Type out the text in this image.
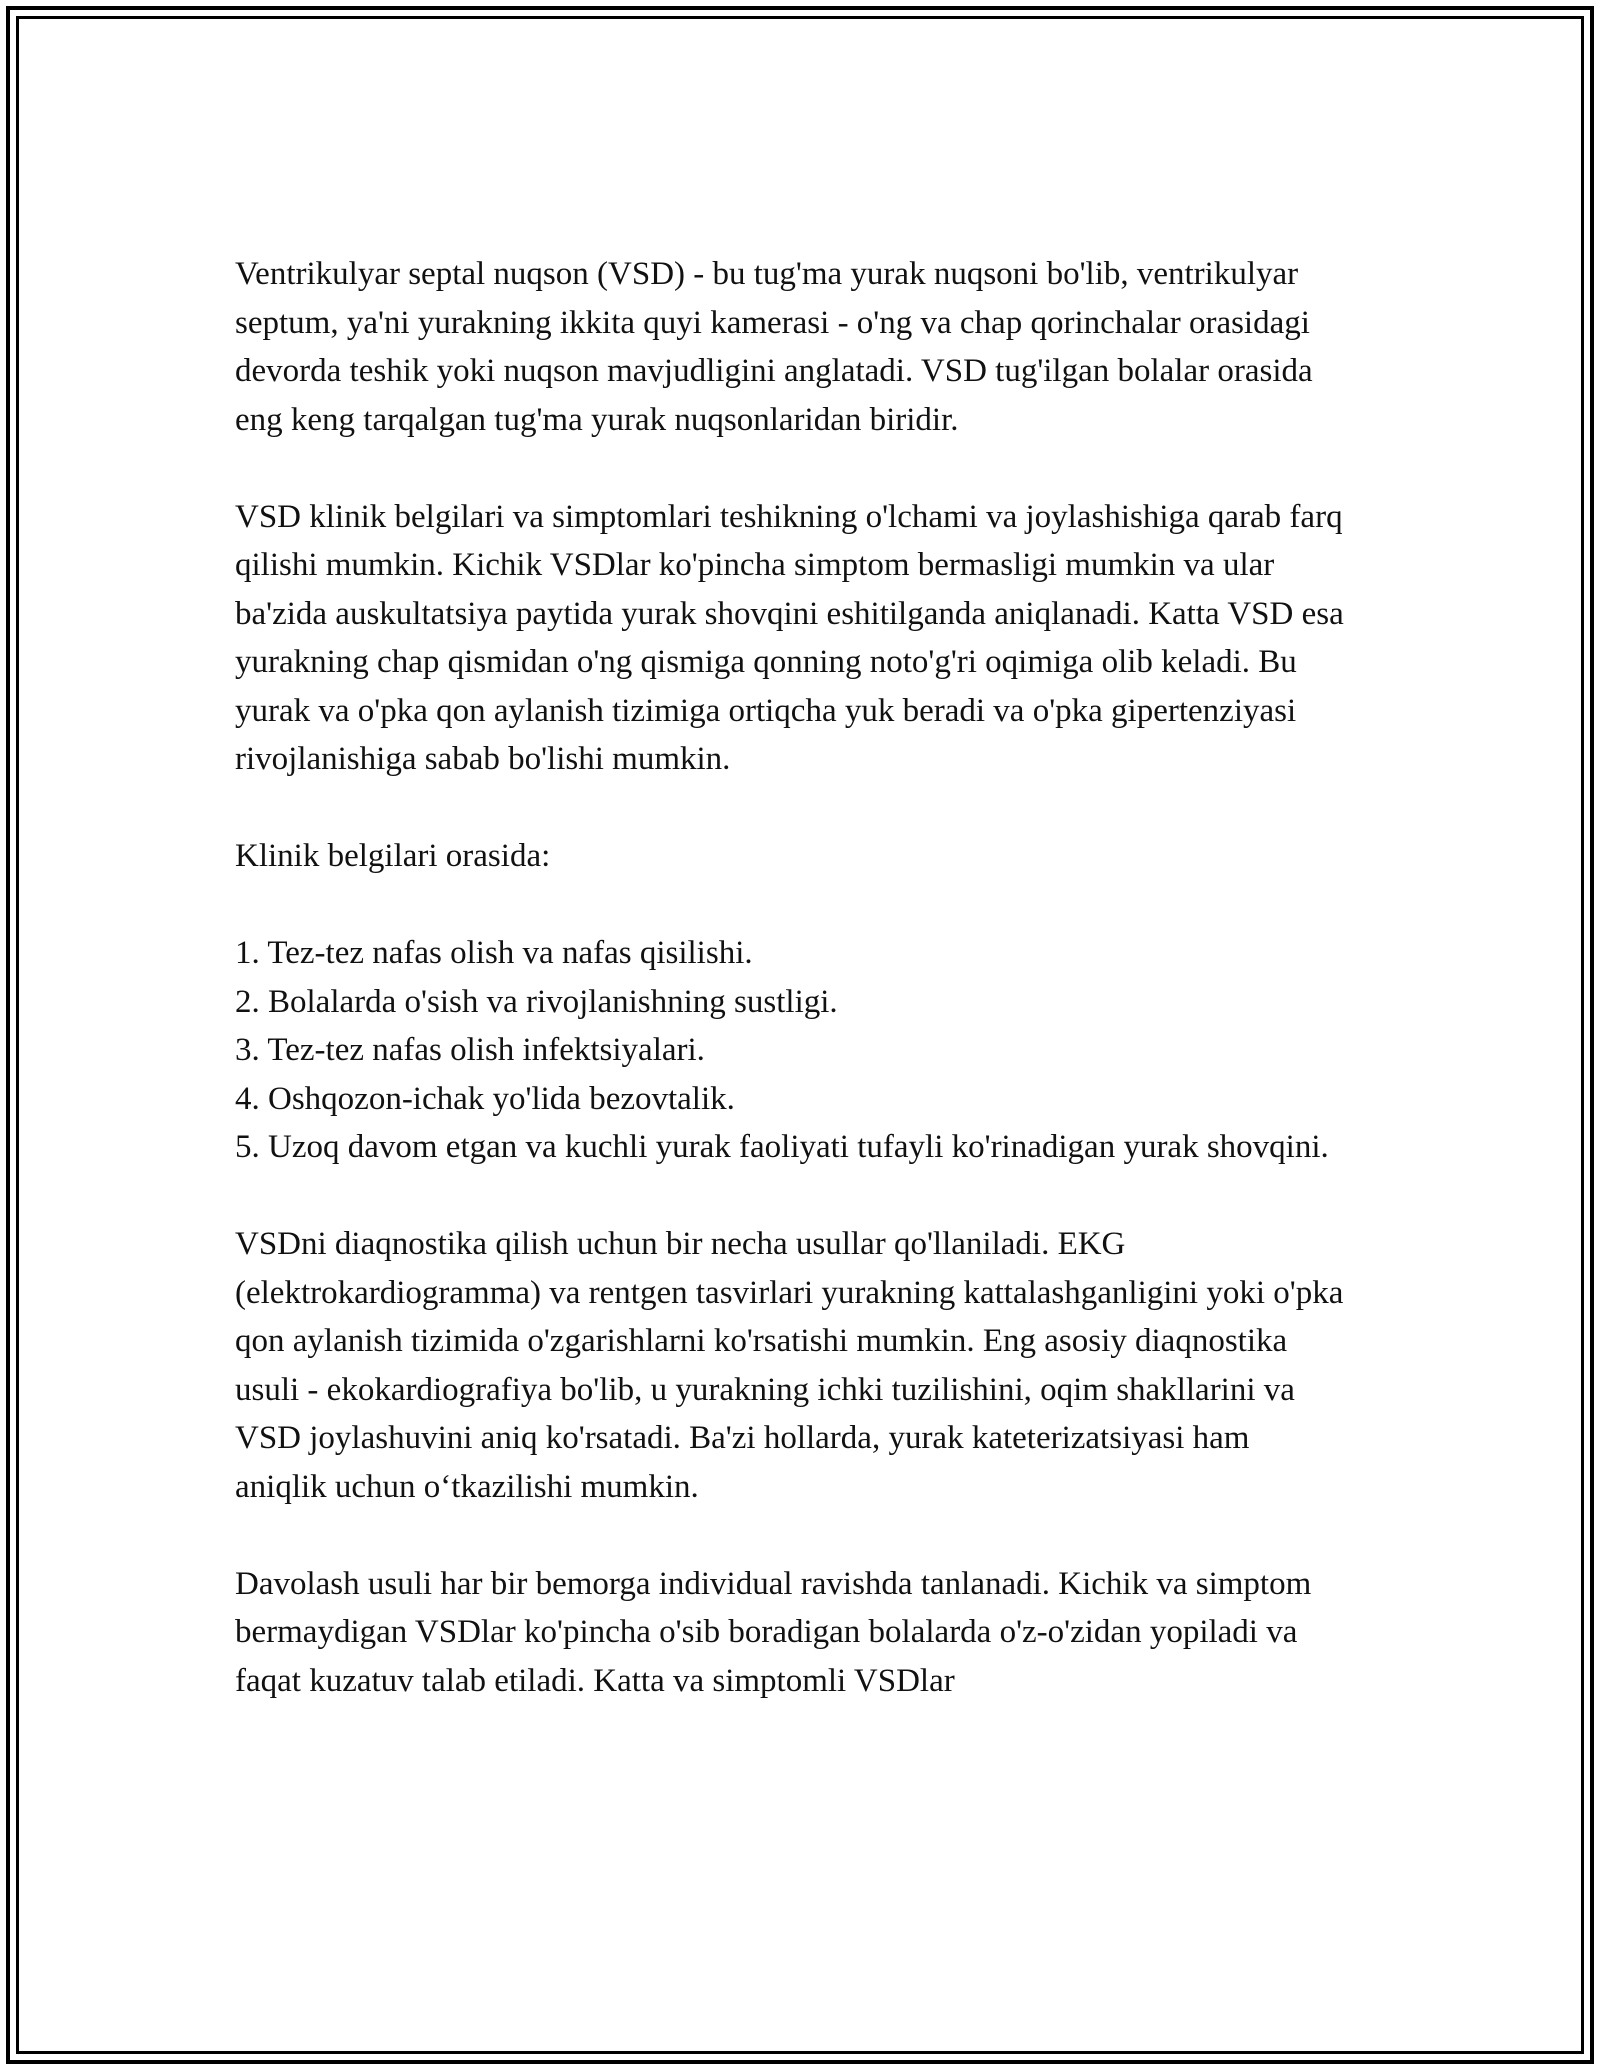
Ventrikulyar septal nuqson (VSD) - bu tug'ma yurak nuqsoni bo'lib, ventrikulyar septum, ya'ni yurakning ikkita quyi kamerasi - o'ng va chap qorinchalar orasidagi devorda teshik yoki nuqson mavjudligini anglatadi. VSD tug'ilgan bolalar orasida eng keng tarqalgan tug'ma yurak nuqsonlaridan biridir.

VSD klinik belgilari va simptomlari teshikning o'lchami va joylashishiga qarab farq qilishi mumkin. Kichik VSDlar ko'pincha simptom bermasligi mumkin va ular ba'zida auskultatsiya paytida yurak shovqini eshitilganda aniqlanadi. Katta VSD esa yurakning chap qismidan o'ng qismiga qonning noto'g'ri oqimiga olib keladi. Bu yurak va o'pka qon aylanish tizimiga ortiqcha yuk beradi va o'pka gipertenziyasi rivojlanishiga sabab bo'lishi mumkin.

Klinik belgilari orasida:

1. Tez-tez nafas olish va nafas qisilishi.

2. Bolalarda o'sish va rivojlanishning sustligi.

3. Tez-tez nafas olish infektsiyalari.

4. Oshqozon-ichak yo'lida bezovtalik.

5. Uzoq davom etgan va kuchli yurak faoliyati tufayli ko'rinadigan yurak shovqini.

VSDni diaqnostika qilish uchun bir necha usullar qo'llaniladi. EKG (elektrokardiogramma) va rentgen tasvirlari yurakning kattalashganligini yoki o'pka qon aylanish tizimida o'zgarishlarni ko'rsatishi mumkin. Eng asosiy diaqnostika usuli - ekokardiografiya bo'lib, u yurakning ichki tuzilishini, oqim shakllarini va VSD joylashuvini aniq ko'rsatadi. Ba'zi hollarda, yurak kateterizatsiyasi ham aniqlik uchun o‘tkazilishi mumkin.

Davolash usuli har bir bemorga individual ravishda tanlanadi. Kichik va simptom bermaydigan VSDlar ko'pincha o'sib boradigan bolalarda o'z-o'zidan yopiladi va faqat kuzatuv talab etiladi. Katta va simptomli VSDlar
